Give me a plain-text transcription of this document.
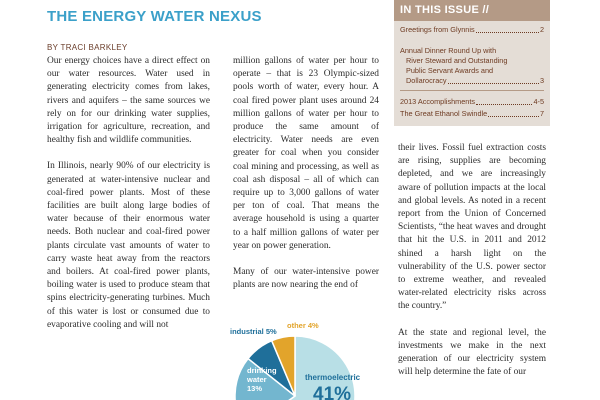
THE ENERGY WATER NEXUS
BY TRACI BARKLEY

Our energy choices have a direct effect on our water resources. Water used in generating electricity comes from lakes, rivers and aquifers – the same sources we rely on for our drinking water supplies, irrigation for agriculture, recreation, and healthy fish and wildlife communities.

In Illinois, nearly 90% of our electricity is generated at water-intensive nuclear and coal-fired power plants. Most of these facilities are built along large bodies of water because of their enormous water needs. Both nuclear and coal-fired power plants circulate vast amounts of water to carry waste heat away from the reactors and boilers. At coal-fired power plants, boiling water is used to produce steam that spins electricity-generating turbines. Much of this water is lost or consumed due to evaporative cooling and will not

million gallons of water per hour to operate – that is 23 Olympic-sized pools worth of water, every hour. A coal fired power plant uses around 24 million gallons of water per hour to produce the same amount of electricity. Water needs are even greater for coal when you consider coal mining and processing, as well as coal ash disposal – all of which can require up to 3,000 gallons of water per ton of coal. That means the average household is using a quarter to a half million gallons of water per year on power generation.

Many of our water-intensive power plants are now nearing the end of

their lives. Fossil fuel extraction costs are rising, supplies are becoming depleted, and we are increasingly aware of pollution impacts at the local and global levels. As noted in a recent report from the Union of Concerned Scientists, “the heat waves and drought that hit the U.S. in 2011 and 2012 shined a harsh light on the vulnerability of the U.S. power sector to extreme weather, and revealed water-related electricity risks across the country.”

At the state and regional level, the investments we make in the next generation of our electricity system will help determine the fate of our

IN THIS ISSUE //
Greetings from Glynnis	2
Annual Dinner Round Up with
River Steward and Outstanding
Public Servant Awards and
Dollarocracy	3
2013 Accomplishments	4-5
The Great Ethanol Swindle	7
industrial 5%
other 4%
drinking
water
13%
thermoelectric
41%
